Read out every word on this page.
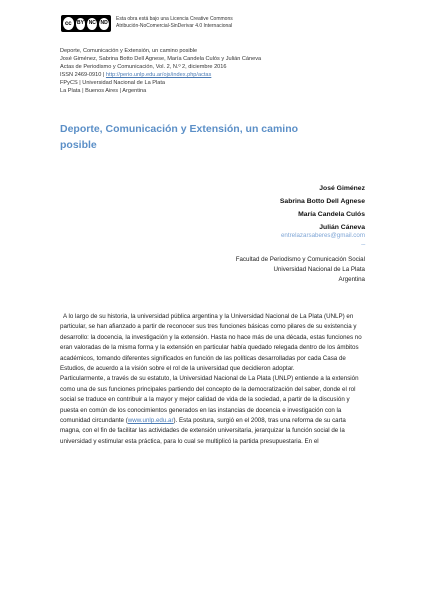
cc	BY NC ND
Esta obra está bajo una Licencia Creative Commons
Atribución-NoComercial-SinDerivar 4.0 Internacional
Deporte, Comunicación y Extensión, un camino posible
José Giménez, Sabrina Botto Dell Agnese, María Candela Culós y Julián Cáneva
Actas de Periodismo y Comunicación, Vol. 2, N.º 2, diciembre 2016
ISSN 2469-0910 | http://perio.unlp.edu.ar/ojs/index.php/actas
FPyCS | Universidad Nacional de La Plata
La Plata | Buenos Aires | Argentina
Deporte, Comunicación y Extensión, un camino posible
José Giménez
Sabrina Botto Dell Agnese
María Candela Culós
Julián Cáneva
entrelazarsaberes@gmail.com
---
Facultad de Periodismo y Comunicación Social
Universidad Nacional de La Plata
Argentina

A lo largo de su historia, la universidad pública argentina y la Universidad Nacional de La Plata (UNLP) en particular, se han afianzado a partir de reconocer sus tres funciones básicas como pilares de su existencia y desarrollo: la docencia, la investigación y la extensión. Hasta no hace más de una década, estas funciones no eran valoradas de la misma forma y la extensión en particular había quedado relegada dentro de los ámbitos académicos, tomando diferentes significados en función de las políticas desarrolladas por cada Casa de Estudios, de acuerdo a la visión sobre el rol de la universidad que decidieron adoptar.

Particularmente, a través de su estatuto, la Universidad Nacional de La Plata (UNLP) entiende a la extensión como una de sus funciones principales partiendo del concepto de la democratización del saber, donde el rol social se traduce en contribuir a la mayor y mejor calidad de vida de la sociedad, a partir de la discusión y puesta en común de los conocimientos generados en las instancias de docencia e investigación con la comunidad circundante (www.unlp.edu.ar). Esta postura, surgió en el 2008, tras una reforma de su carta magna, con el fin de facilitar las actividades de extensión universitaria, jerarquizar la función social de la universidad y estimular esta práctica, para lo cual se multiplicó la partida presupuestaria. En el
